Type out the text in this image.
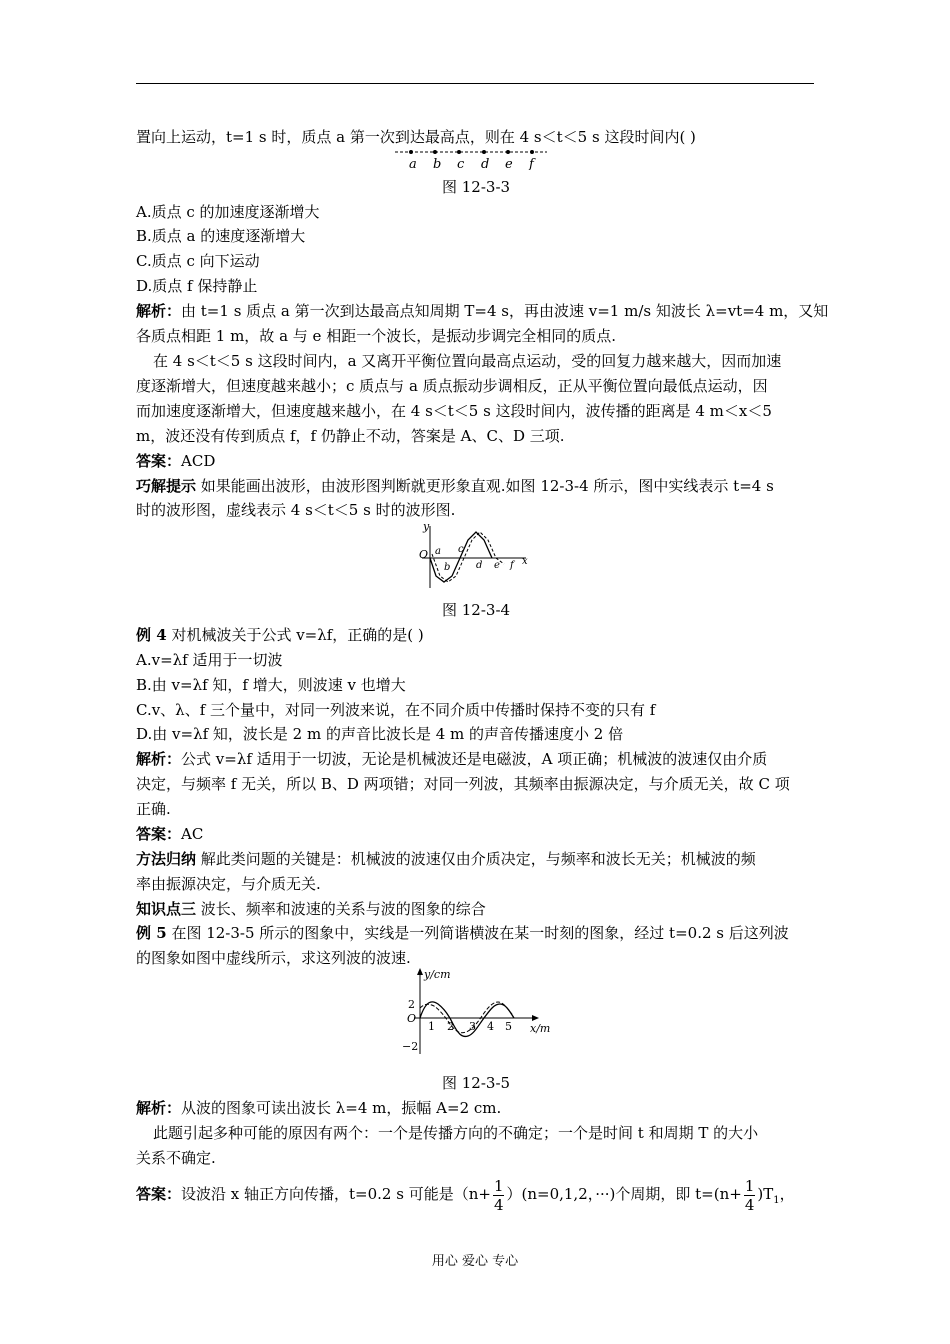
置向上运动，t=1 s 时，质点 a 第一次到达最高点，则在 4 s＜t＜5 s 这段时间内( )
a b c d e f
图 12-3-3
A.质点 c 的加速度逐渐增大
B.质点 a 的速度逐渐增大
C.质点 c 向下运动
D.质点 f 保持静止
解析：由 t=1 s 质点 a 第一次到达最高点知周期 T=4 s，再由波速 v=1 m/s 知波长 λ=vt=4 m，又知
各质点相距 1 m，故 a 与 e 相距一个波长，是振动步调完全相同的质点.
在 4 s＜t＜5 s 这段时间内，a 又离开平衡位置向最高点运动，受的回复力越来越大，因而加速
度逐渐增大，但速度越来越小；c 质点与 a 质点振动步调相反，正从平衡位置向最低点运动，因
而加速度逐渐增大，但速度越来越小，在 4 s＜t＜5 s 这段时间内，波传播的距离是 4 m＜x＜5
m，波还没有传到质点 f，f 仍静止不动，答案是 A、C、D 三项.
答案：ACD
巧解提示 如果能画出波形，由波形图判断就更形象直观.如图 12-3-4 所示，图中实线表示 t=4 s
时的波形图，虚线表示 4 s＜t＜5 s 时的波形图.
y
O a
b
c
d e f x
图 12-3-4
例 4 对机械波关于公式 v=λf，正确的是( )
A.v=λf 适用于一切波
B.由 v=λf 知，f 增大，则波速 v 也增大
C.v、λ、f 三个量中，对同一列波来说，在不同介质中传播时保持不变的只有 f
D.由 v=λf 知，波长是 2 m 的声音比波长是 4 m 的声音传播速度小 2 倍
解析：公式 v=λf 适用于一切波，无论是机械波还是电磁波，A 项正确；机械波的波速仅由介质
决定，与频率 f 无关，所以 B、D 两项错；对同一列波，其频率由振源决定，与介质无关，故 C 项
正确.
答案：AC
方法归纳 解此类问题的关键是：机械波的波速仅由介质决定，与频率和波长无关；机械波的频
率由振源决定，与介质无关.
知识点三 波长、频率和波速的关系与波的图象的综合
例 5 在图 12-3-5 所示的图象中，实线是一列简谐横波在某一时刻的图象，经过 t=0.2 s 后这列波
的图象如图中虚线所示，求这列波的波速.
y/cm
2
O
−2
1 2 3 4 5 x/m
图 12-3-5
解析：从波的图象可读出波长 λ=4 m，振幅 A=2 cm.
此题引起多种可能的原因有两个：一个是传播方向的不确定；一个是时间 t 和周期 T 的大小
关系不确定.
答案：设波沿 x 轴正方向传播，t=0.2 s 可能是$(n+ \frac{1}{4} )(n=0,1,2$，···)个周期，即 $t=(n+ \frac{1}{4} )T_1$，
用心 爱心 专心
